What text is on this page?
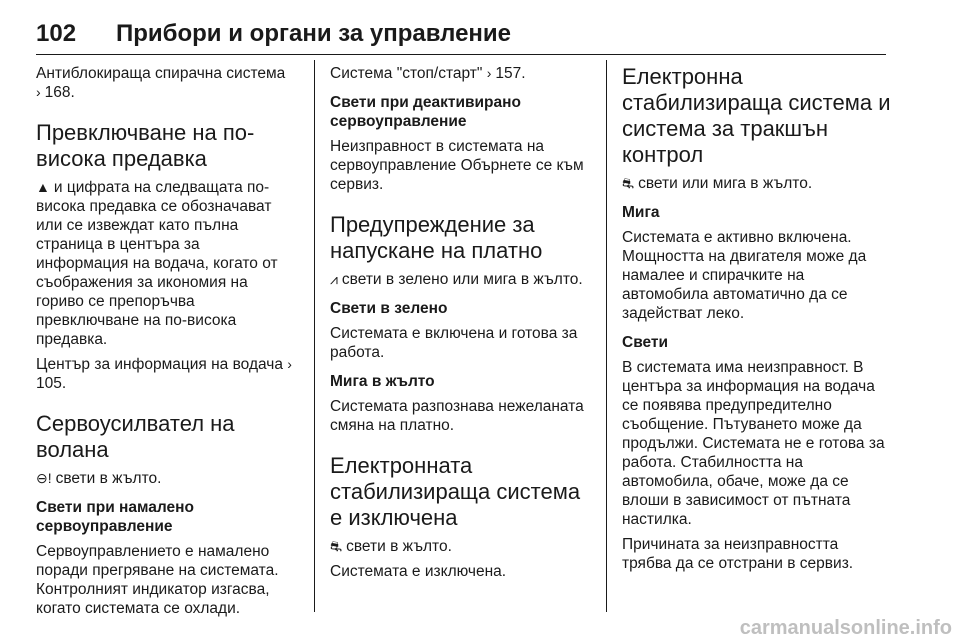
102	Прибори и органи за управление

Антиблокираща спирачна система › 168.

Превключване на по-висока предавка

▲ и цифрата на следващата по-висока предавка се обозначават или се извеждат като пълна страница в центъра за информация на водача, когато от съображения за икономия на гориво се препоръчва превключване на по-висока предавка.

Център за информация на водача ›105.

Сервоусилвател на волана

⊖! свети в жълто.

Свети при намалено сервоуправление

Сервоуправлението е намалено поради прегряване на системата. Контролният индикатор изгасва, когато системата се охлади.

Система "стоп/старт" › 157.

Свети при деактивирано сервоуправление

Неизправност в системата на сервоуправление Обърнете се към сервиз.

Предупреждение за напускане на платно

⩘ свети в зелено или мига в жълто.

Свети в зелено

Системата е включена и готова за работа.

Мига в жълто

Системата разпознава нежеланата смяна на платно.

Електронната стабилизираща система е изключена

⛐ свети в жълто.

Системата е изключена.

Електронна стабилизираща система и система за тракшън контрол

⛐ свети или мига в жълто.

Мига

Системата е активно включена. Мощността на двигателя може да намалее и спирачките на автомобила автоматично да се задействат леко.

Свети

В системата има неизправност. В центъра за информация на водача се появява предупредително съобщение. Пътуването може да продължи. Системата не е готова за работа. Стабилността на автомобила, обаче, може да се влоши в зависимост от пътната настилка.

Причината за неизправността трябва да се отстрани в сервиз.

carmanualsonline.info
